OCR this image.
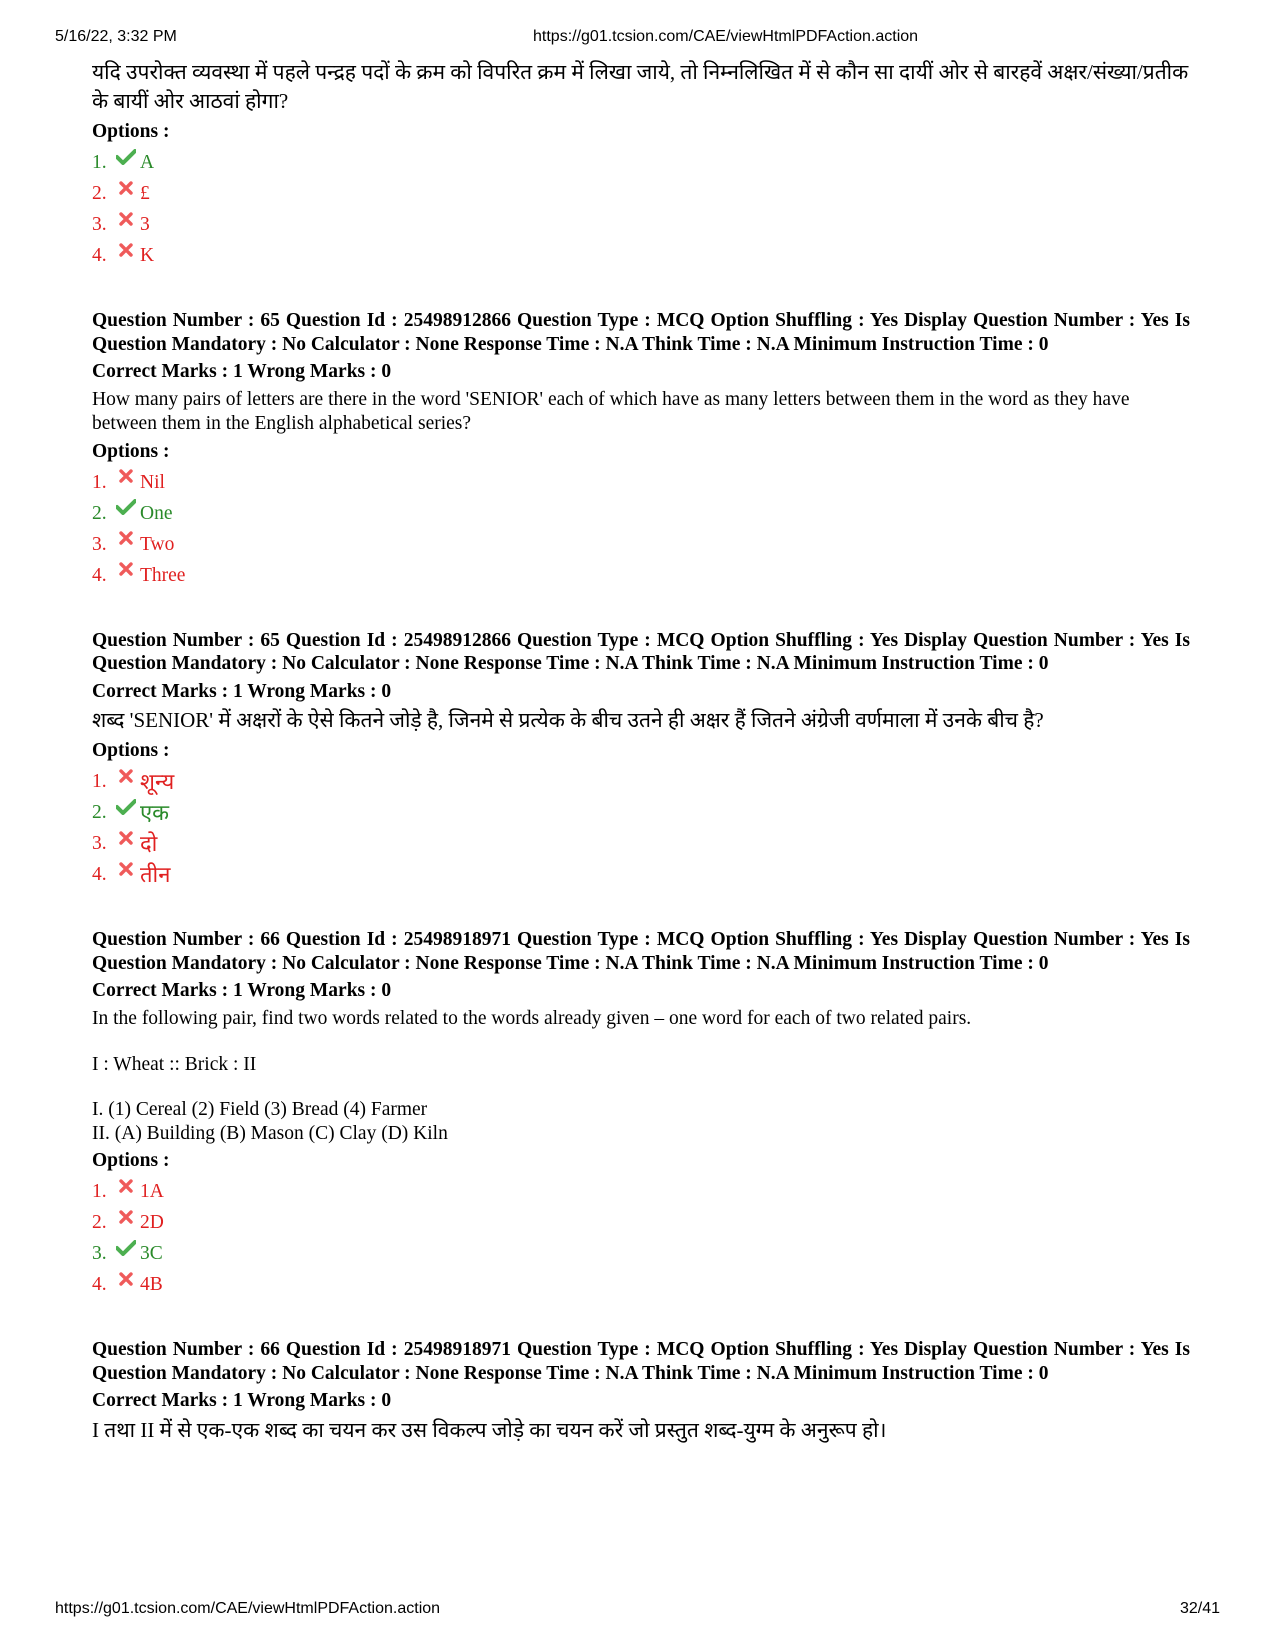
5/16/22, 3:32 PM	https://g01.tcsion.com/CAE/viewHtmlPDFAction.action
यदि उपरोक्त व्यवस्था में पहले पन्द्रह पदों के क्रम को विपरित क्रम में लिखा जाये, तो निम्नलिखित में से कौन सा दायीं ओर से बारहवें अक्षर/संख्या/प्रतीक के बायीं ओर आठवां होगा?
Options :
1.	A
2.	£
3.	3
4.	K
Question Number : 65 Question Id : 25498912866 Question Type : MCQ Option Shuffling : Yes Display Question Number : Yes Is Question Mandatory : No Calculator : None Response Time : N.A Think Time : N.A Minimum Instruction Time : 0
Correct Marks : 1 Wrong Marks : 0
How many pairs of letters are there in the word 'SENIOR' each of which have as many letters between them in the word as they have between them in the English alphabetical series?
Options :
1.	Nil
2.	One
3.	Two
4.	Three
Question Number : 65 Question Id : 25498912866 Question Type : MCQ Option Shuffling : Yes Display Question Number : Yes Is Question Mandatory : No Calculator : None Response Time : N.A Think Time : N.A Minimum Instruction Time : 0
Correct Marks : 1 Wrong Marks : 0
शब्द 'SENIOR' में अक्षरों के ऐसे कितने जोड़े है, जिनमे से प्रत्येक के बीच उतने ही अक्षर हैं जितने अंग्रेजी वर्णमाला में उनके बीच है?
Options :
1.	शून्य
2.	एक
3.	दो
4.	तीन
Question Number : 66 Question Id : 25498918971 Question Type : MCQ Option Shuffling : Yes Display Question Number : Yes Is Question Mandatory : No Calculator : None Response Time : N.A Think Time : N.A Minimum Instruction Time : 0
Correct Marks : 1 Wrong Marks : 0
In the following pair, find two words related to the words already given – one word for each of two related pairs.
I : Wheat :: Brick : II
I. (1) Cereal (2) Field (3) Bread (4) Farmer
II. (A) Building (B) Mason (C) Clay (D) Kiln
Options :
1.	1A
2.	2D
3.	3C
4.	4B
Question Number : 66 Question Id : 25498918971 Question Type : MCQ Option Shuffling : Yes Display Question Number : Yes Is Question Mandatory : No Calculator : None Response Time : N.A Think Time : N.A Minimum Instruction Time : 0
Correct Marks : 1 Wrong Marks : 0
I तथा II में से एक-एक शब्द का चयन कर उस विकल्प जोड़े का चयन करें जो प्रस्तुत शब्द-युग्म के अनुरूप हो।
https://g01.tcsion.com/CAE/viewHtmlPDFAction.action	32/41
